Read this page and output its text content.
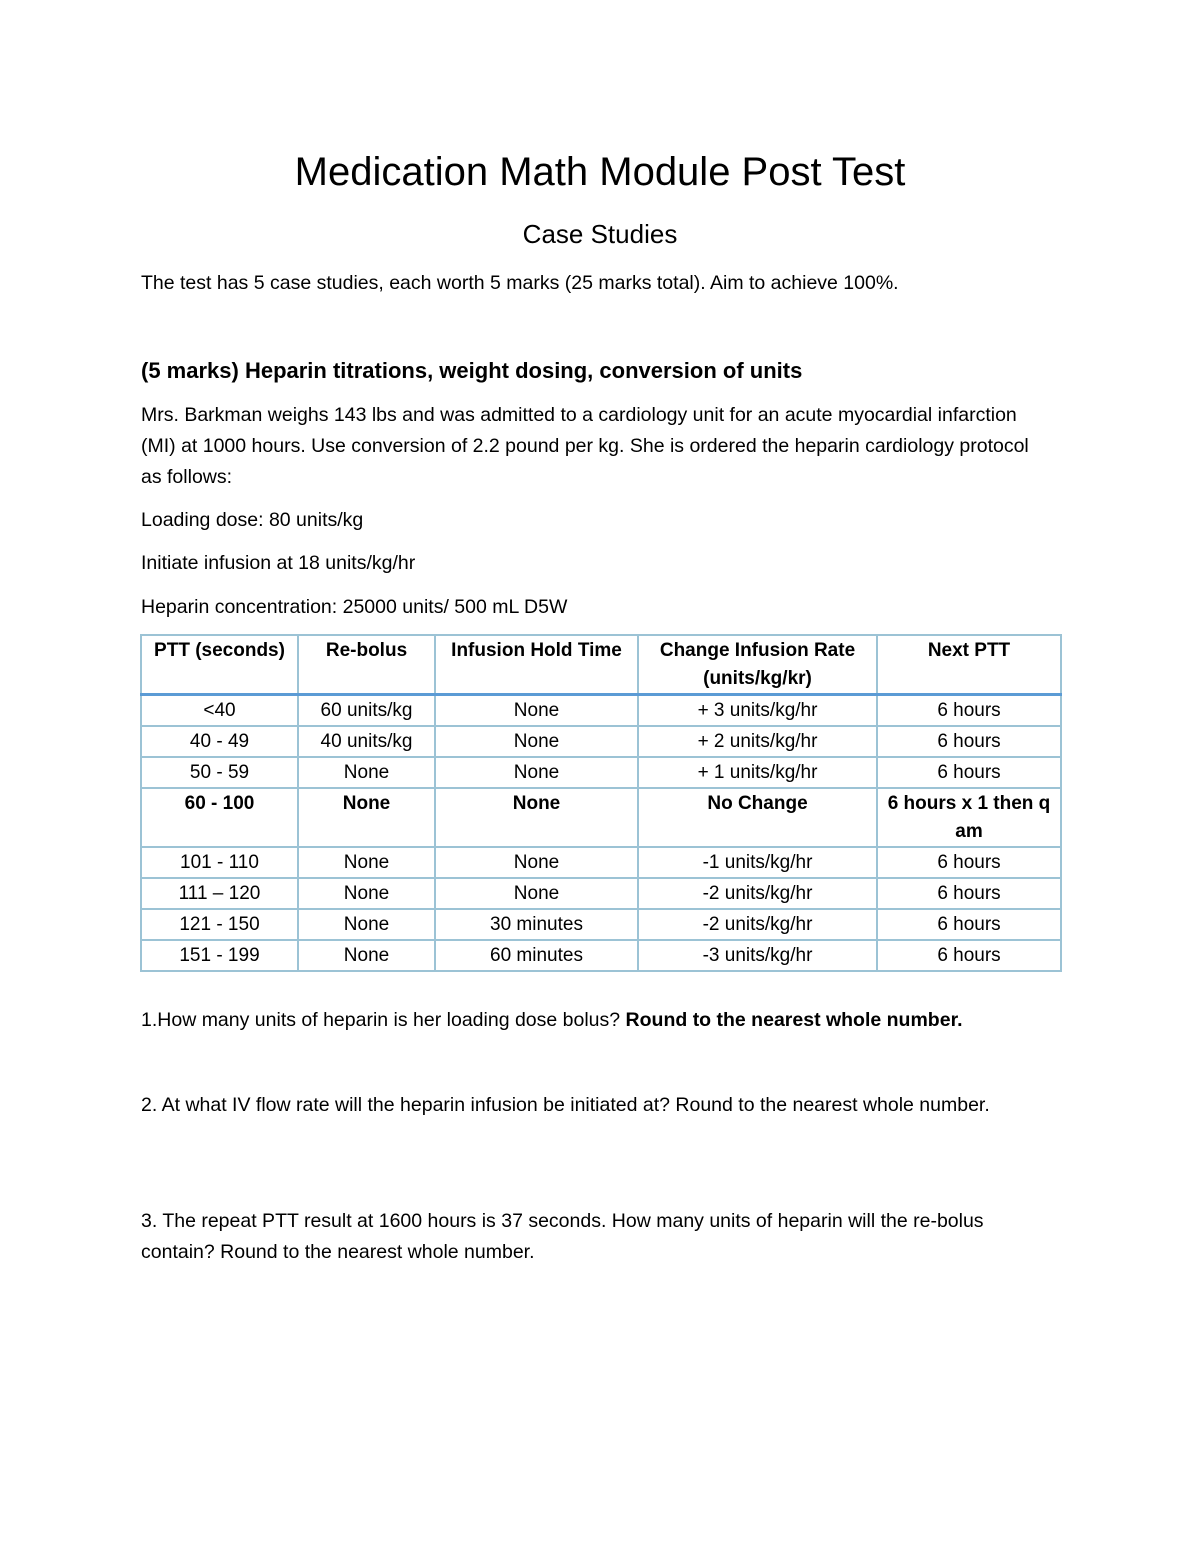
Medication Math Module Post Test
Case Studies
The test has 5 case studies, each worth 5 marks (25 marks total). Aim to achieve 100%.
(5 marks) Heparin titrations, weight dosing, conversion of units
Mrs. Barkman weighs 143 lbs and was admitted to a cardiology unit for an acute myocardial infarction (MI) at 1000 hours. Use conversion of 2.2 pound per kg. She is ordered the heparin cardiology protocol as follows:
Loading dose: 80 units/kg
Initiate infusion at 18 units/kg/hr
Heparin concentration: 25000 units/ 500 mL D5W
PTT (seconds)	Re-bolus	Infusion Hold Time	Change Infusion Rate (units/kg/kr)	Next PTT
<40	60 units/kg	None	+ 3 units/kg/hr	6 hours
40 - 49	40 units/kg	None	+ 2 units/kg/hr	6 hours
50 - 59	None	None	+ 1 units/kg/hr	6 hours
60 - 100	None	None	No Change	6 hours x 1 then q am
101 - 110	None	None	-1 units/kg/hr	6 hours
111 – 120	None	None	-2 units/kg/hr	6 hours
121 - 150	None	30 minutes	-2 units/kg/hr	6 hours
151 - 199	None	60 minutes	-3 units/kg/hr	6 hours
1.How many units of heparin is her loading dose bolus? Round to the nearest whole number.
2. At what IV flow rate will the heparin infusion be initiated at? Round to the nearest whole number.
3. The repeat PTT result at 1600 hours is 37 seconds. How many units of heparin will the re-bolus contain? Round to the nearest whole number.
